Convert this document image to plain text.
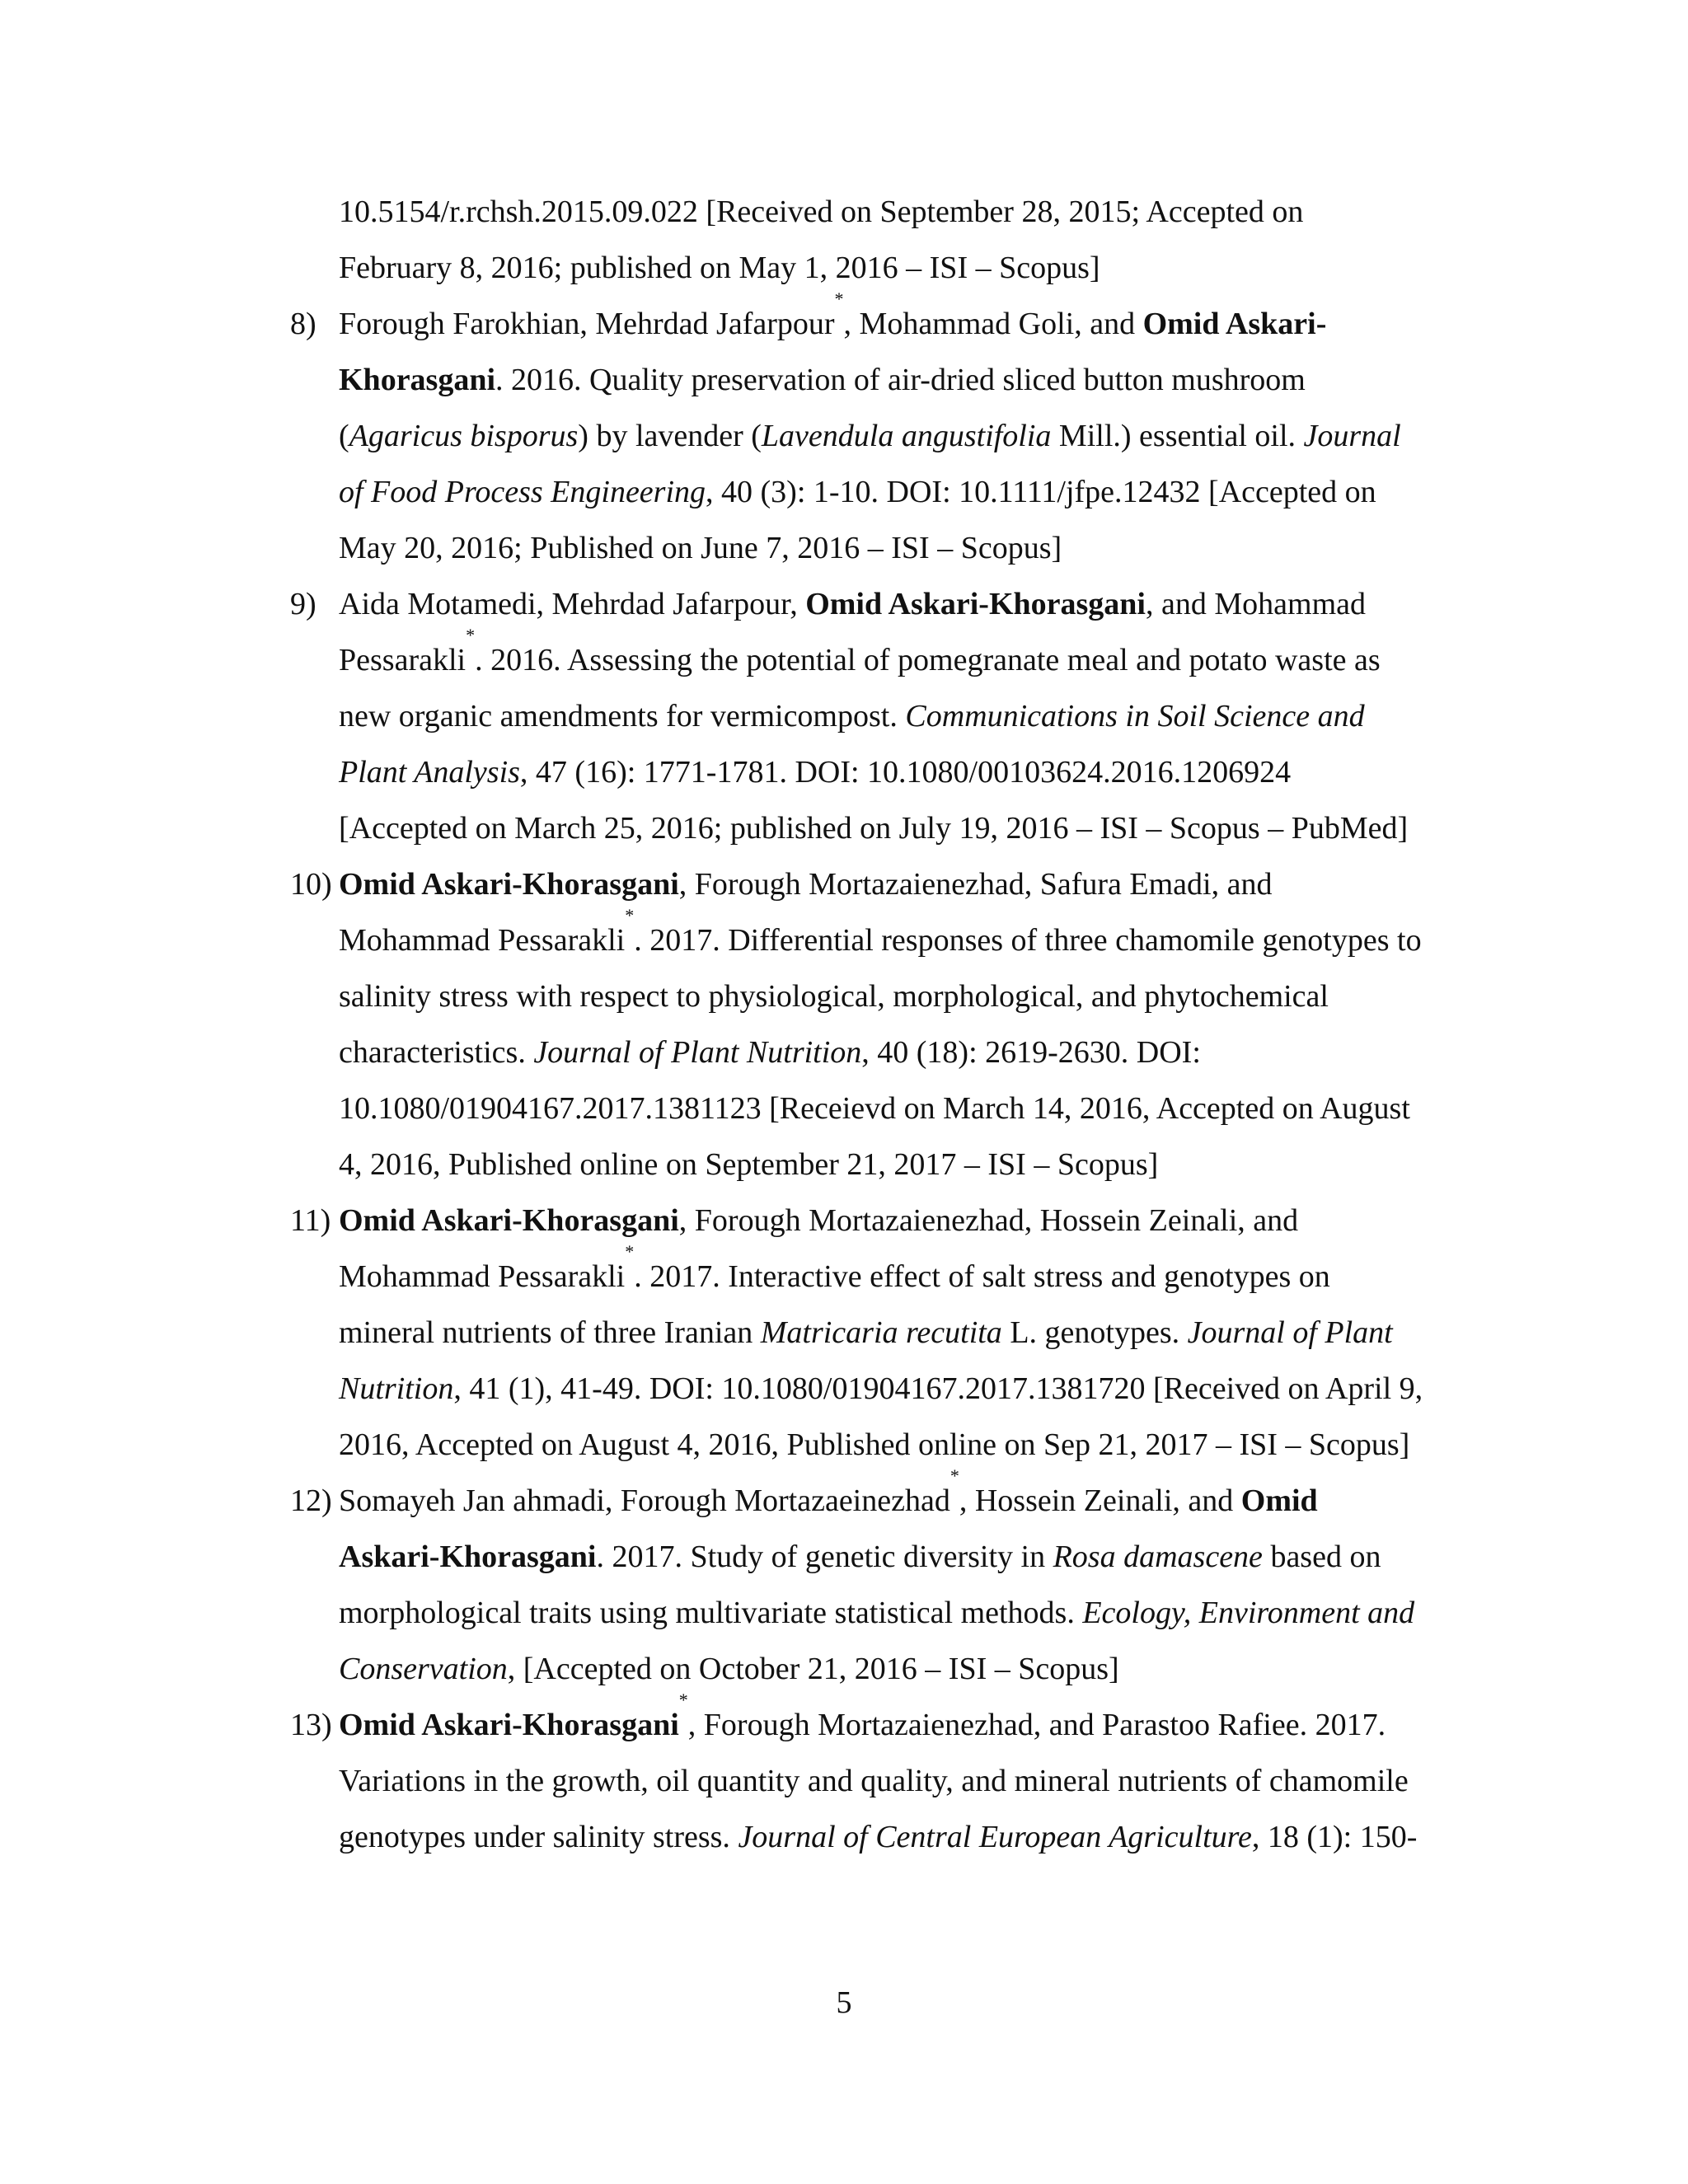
10.5154/r.rchsh.2015.09.022 [Received on September 28, 2015; Accepted on
February 8, 2016; published on May 1, 2016 – ISI – Scopus]
8) Forough Farokhian, Mehrdad Jafarpour*, Mohammad Goli, and Omid Askari-
Khorasgani. 2016. Quality preservation of air-dried sliced button mushroom
(Agaricus bisporus) by lavender (Lavendula angustifolia Mill.) essential oil. Journal
of Food Process Engineering, 40 (3): 1-10. DOI: 10.1111/jfpe.12432 [Accepted on
May 20, 2016; Published on June 7, 2016 – ISI – Scopus]
9) Aida Motamedi, Mehrdad Jafarpour, Omid Askari-Khorasgani, and Mohammad
Pessarakli*. 2016. Assessing the potential of pomegranate meal and potato waste as
new organic amendments for vermicompost. Communications in Soil Science and
Plant Analysis, 47 (16): 1771-1781. DOI: 10.1080/00103624.2016.1206924
[Accepted on March 25, 2016; published on July 19, 2016 – ISI – Scopus – PubMed]
10) Omid Askari-Khorasgani, Forough Mortazaienezhad, Safura Emadi, and
Mohammad Pessarakli*. 2017. Differential responses of three chamomile genotypes to
salinity stress with respect to physiological, morphological, and phytochemical
characteristics. Journal of Plant Nutrition, 40 (18): 2619-2630. DOI:
10.1080/01904167.2017.1381123 [Receievd on March 14, 2016, Accepted on August
4, 2016, Published online on September 21, 2017 – ISI – Scopus]
11) Omid Askari-Khorasgani, Forough Mortazaienezhad, Hossein Zeinali, and
Mohammad Pessarakli*. 2017. Interactive effect of salt stress and genotypes on
mineral nutrients of three Iranian Matricaria recutita L. genotypes. Journal of Plant
Nutrition, 41 (1), 41-49. DOI: 10.1080/01904167.2017.1381720 [Received on April 9,
2016, Accepted on August 4, 2016, Published online on Sep 21, 2017 – ISI – Scopus]
12) Somayeh Jan ahmadi, Forough Mortazaeinezhad*, Hossein Zeinali, and Omid
Askari-Khorasgani. 2017. Study of genetic diversity in Rosa damascene based on
morphological traits using multivariate statistical methods. Ecology, Environment and
Conservation, [Accepted on October 21, 2016 – ISI – Scopus]
13) Omid Askari-Khorasgani*, Forough Mortazaienezhad, and Parastoo Rafiee. 2017.
Variations in the growth, oil quantity and quality, and mineral nutrients of chamomile
genotypes under salinity stress. Journal of Central European Agriculture, 18 (1): 150-
5
